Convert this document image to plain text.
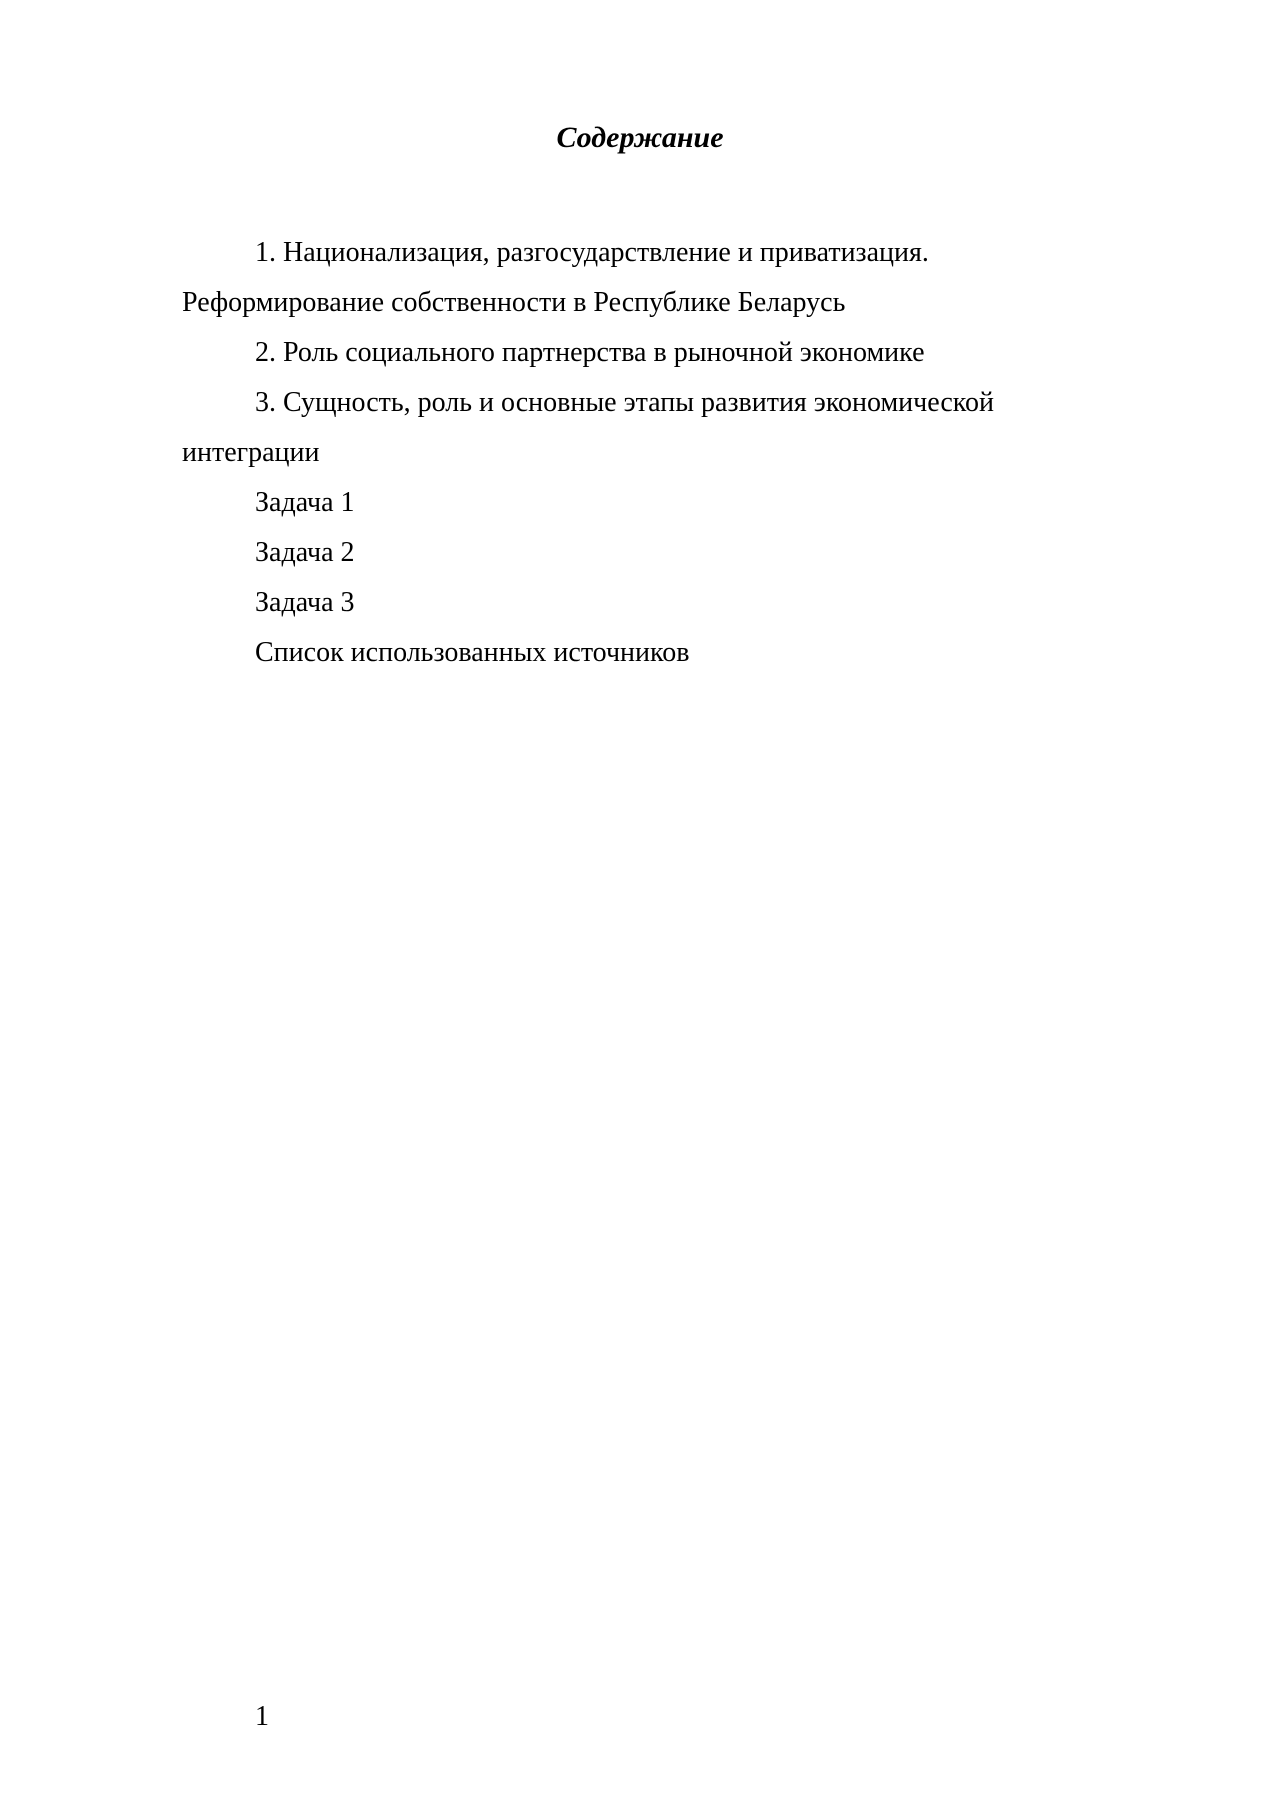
Содержание
1. Национализация, разгосударствление и приватизация. Реформирование собственности в Республике Беларусь
2. Роль социального партнерства в рыночной экономике
3. Сущность, роль и основные этапы развития экономической интеграции
Задача 1
Задача 2
Задача 3
Список использованных источников
1
